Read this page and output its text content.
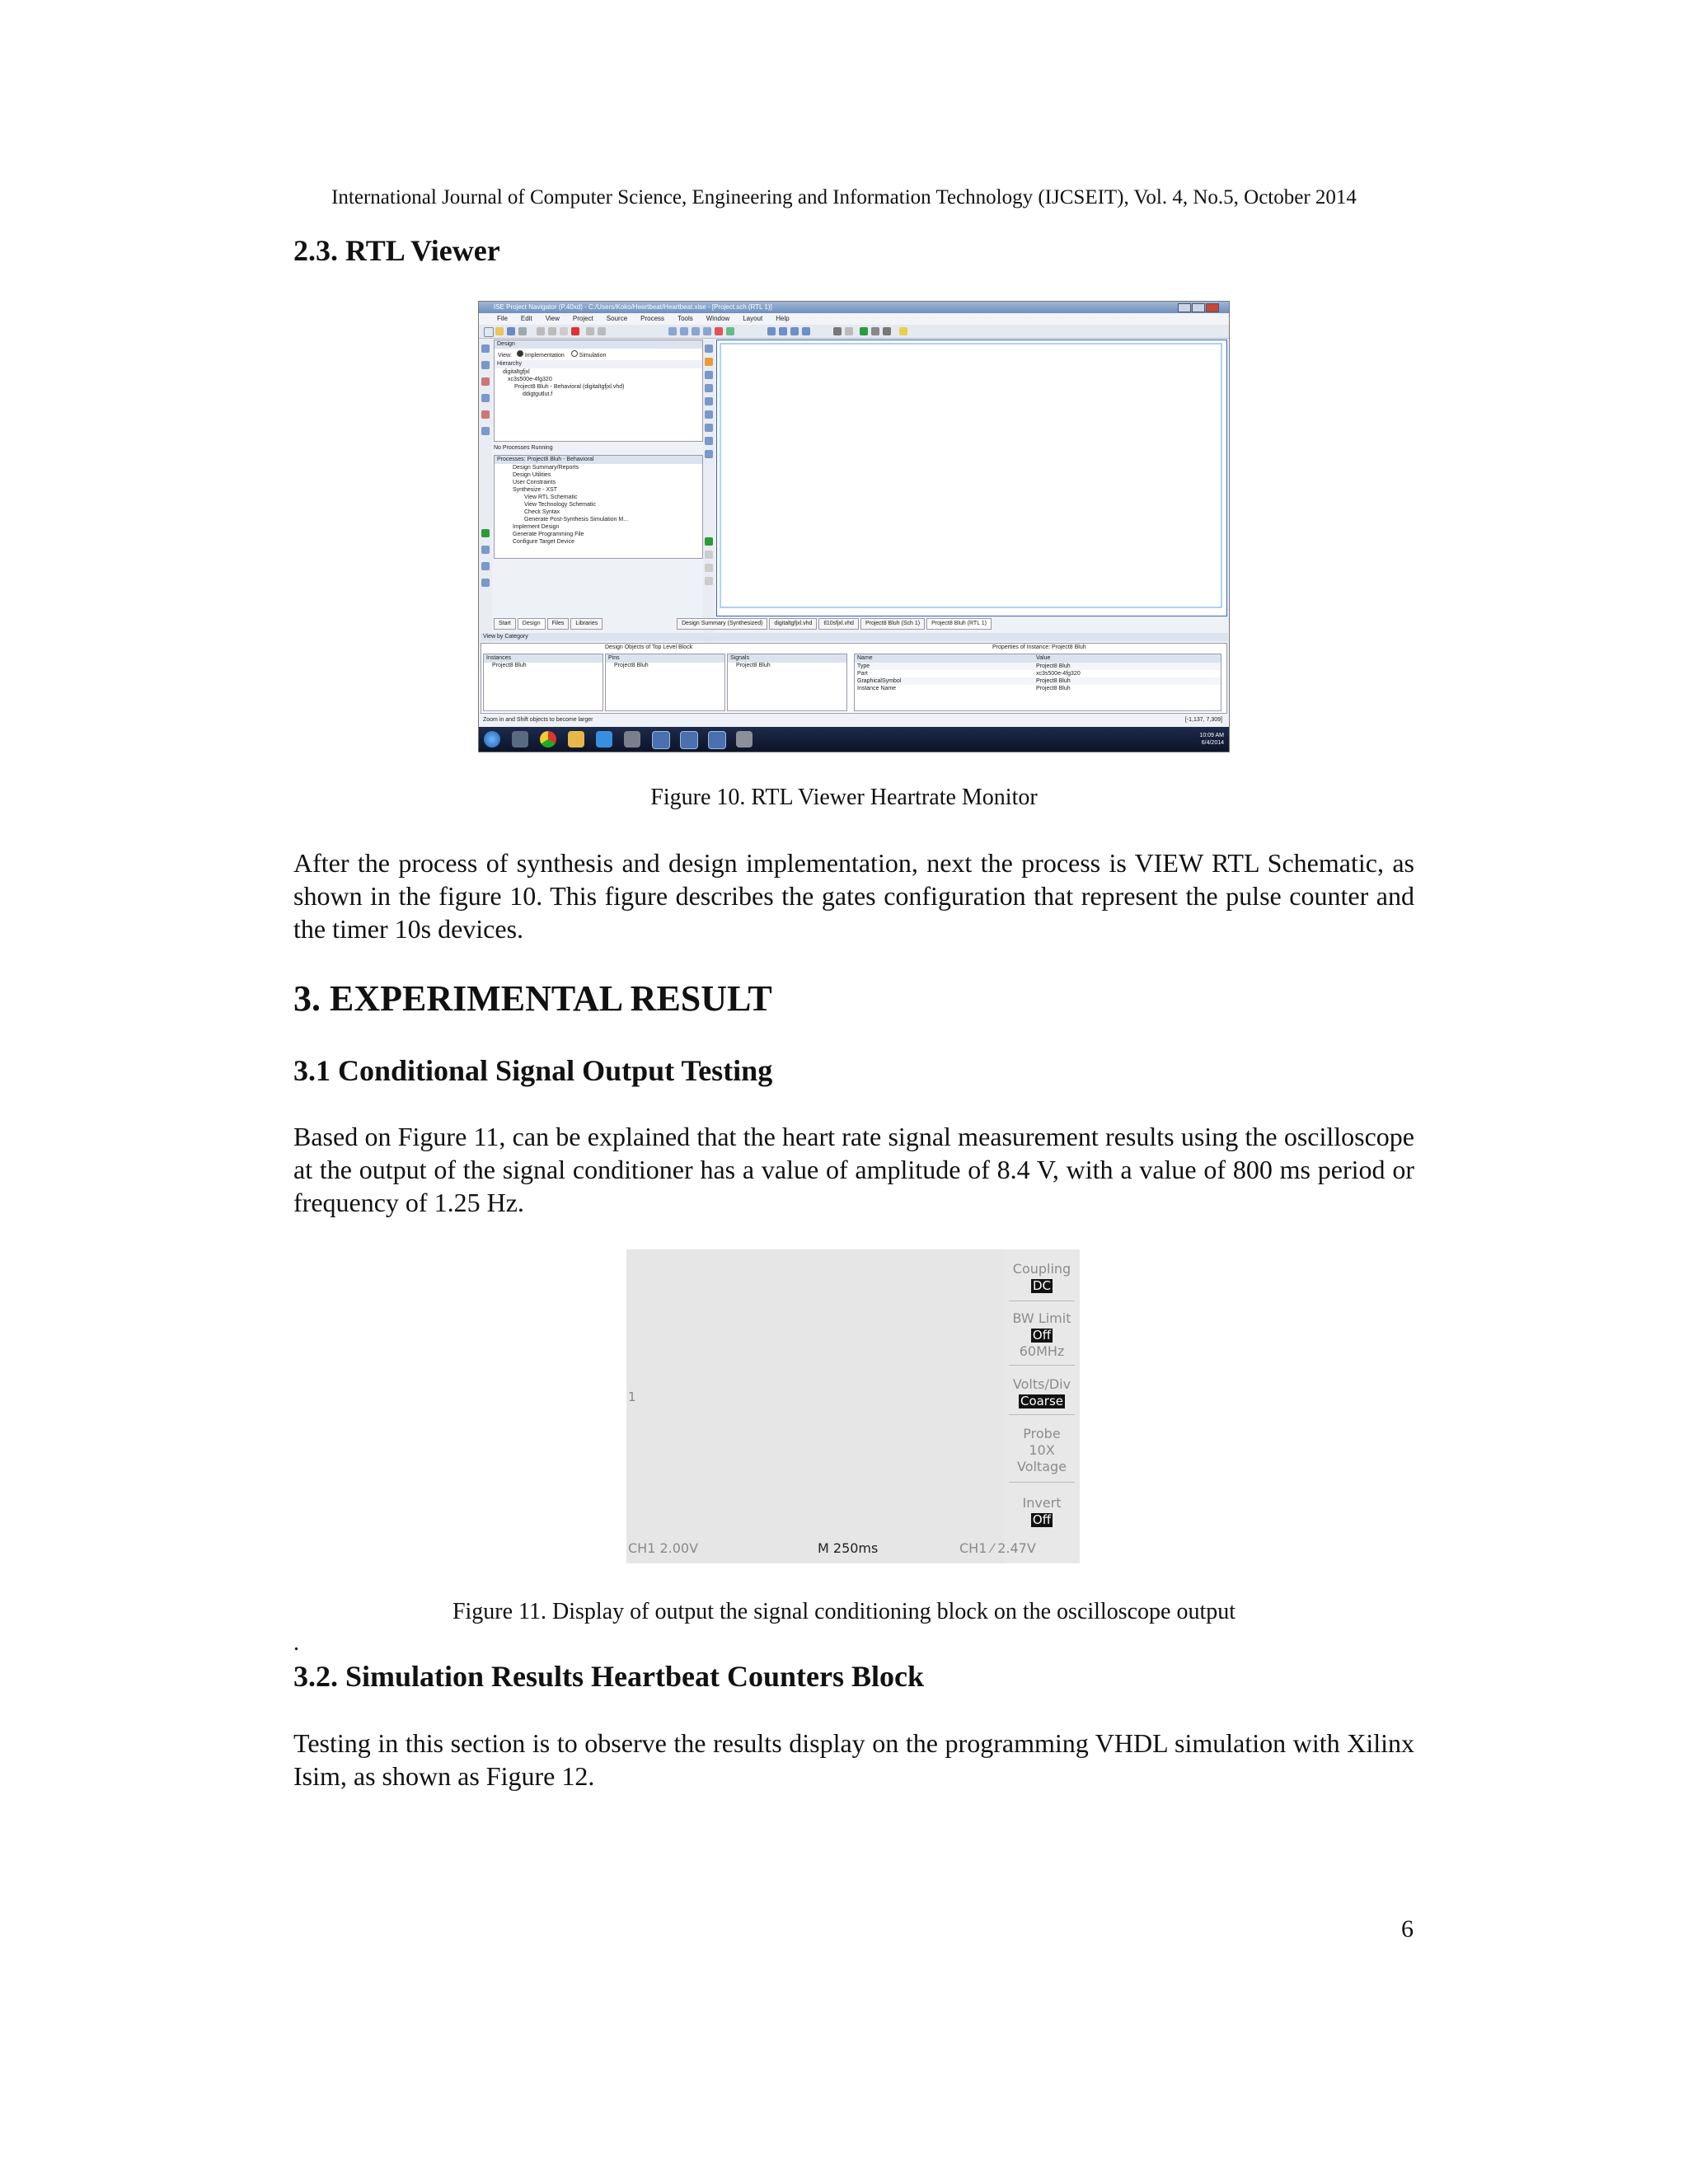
International Journal of Computer Science, Engineering and Information Technology (IJCSEIT), Vol. 4, No.5, October 2014
2.3. RTL Viewer
ISE Project Navigator (P.40xd) - C:/Users/Koko/Heartbeat/Heartbeat.xise - [Project.sch (RTL 1)]
File Edit View Project Source Process Tools Window Layout Help
Design
View: Implementation	Simulation
Hierarchy
digitaltgfjxl
xc3s500e-4fg320
Project8 Bluh - Behavioral (digitaltgfjxl.vhd)
ddigtgutlut.f
No Processes Running
Processes: Project8 Bluh - Behavioral
Design Summary/Reports
Design Utilities
User Constraints
Synthesize - XST
View RTL Schematic
View Technology Schematic
Check Syntax
Generate Post-Synthesis Simulation M...
Implement Design
Generate Programming File
Configure Target Device
Start Design Files Libraries	Design Summary (Synthesized) digitaltgfjxl.vhd tl10sfjxl.vhd Project8 Bluh (Sch 1) Project8 Bluh (RTL 1)
View by Category
Design Objects of Top Level Block	Properties of Instance: Project8 Bluh
Instances
Project8 Bluh
Pins
Project8 Bluh
Signals
Project8 Bluh
Name	Value
Type	Project8 Bluh
Part	xc3s500e-4fg320
GraphicalSymbol	Project8 Bluh
Instance Name	Project8 Bluh
Zoom in and Shift objects to become larger	[-1,137, 7,309]
10:09 AM
6/4/2014
Figure 10. RTL Viewer Heartrate Monitor
After the process of synthesis and design implementation, next the process is VIEW RTL Schematic, as shown in the figure 10. This figure describes the gates configuration that represent the pulse counter and the timer 10s devices.
3. EXPERIMENTAL RESULT
3.1 Conditional Signal Output Testing
Based on Figure 11, can be explained that the heart rate signal measurement results using the oscilloscope at the output of the signal conditioner has a value of amplitude of 8.4 V, with a value of 800 ms period or frequency of 1.25 Hz.
1
Coupling
DC
BW Limit
Off
60MHz
Volts/Div
Coarse
Probe
10X
Voltage
Invert
Off
CH1 2.00V	M 250ms	CH1 ⁄ 2.47V
Figure 11. Display of output the signal conditioning block on the oscilloscope output
.
3.2. Simulation Results Heartbeat Counters Block
Testing in this section is to observe the results display on the programming VHDL simulation with Xilinx Isim, as shown as Figure 12.
6
